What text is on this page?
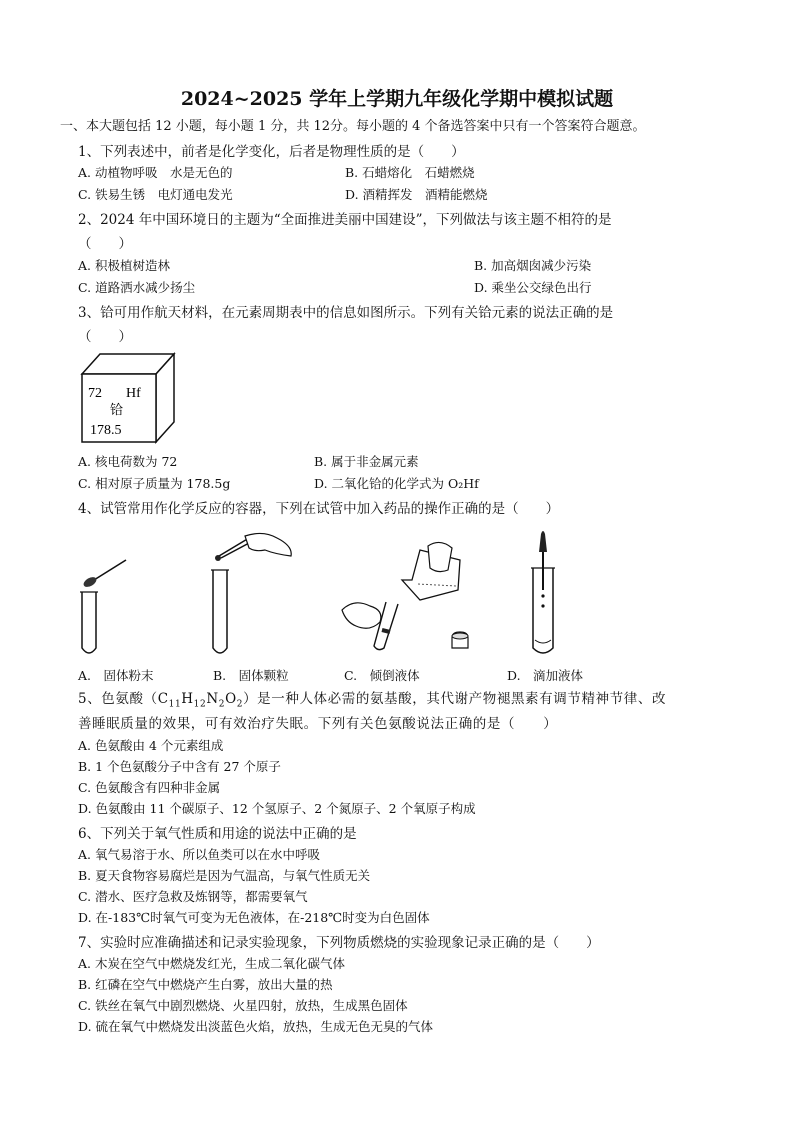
2024~2025 学年上学期九年级化学期中模拟试题
一、本大题包括 12 小题，每小题 1 分，共 12分。每小题的 4 个备选答案中只有一个答案符合题意。
1、下列表述中，前者是化学变化，后者是物理性质的是（　　）
A. 动植物呼吸　水是无色的	B. 石蜡熔化　石蜡燃烧
C. 铁易生锈　电灯通电发光	D. 酒精挥发　酒精能燃烧
2、2024 年中国环境日的主题为“全面推进美丽中国建设”，下列做法与该主题不相符的是
（　　）
A. 积极植树造林	B. 加高烟囱减少污染
C. 道路洒水减少扬尘	D. 乘坐公交绿色出行
3、铪可用作航天材料，在元素周期表中的信息如图所示。下列有关铪元素的说法正确的是
（　　）
72 Hf
铪
178.5
A. 核电荷数为 72	B. 属于非金属元素
C. 相对原子质量为 178.5g	D. 二氧化铪的化学式为 O₂Hf
4、试管常用作化学反应的容器，下列在试管中加入药品的操作正确的是（　　）
A.　固体粉末	B.　固体颗粒	C.　倾倒液体	D.　滴加液体
5、色氨酸$(C_{11}H_{12}N_2O_2)$是一种人体必需的氨基酸，其代谢产物褪黑素有调节精神节律、改
善睡眠质量的效果，可有效治疗失眠。下列有关色氨酸说法正确的是（　　）
A. 色氨酸由 4 个元素组成
B. 1 个色氨酸分子中含有 27 个原子
C. 色氨酸含有四种非金属
D. 色氨酸由 11 个碳原子、12 个氢原子、2 个氮原子、2 个氧原子构成
6、下列关于氧气性质和用途的说法中正确的是
A. 氧气易溶于水、所以鱼类可以在水中呼吸
B. 夏天食物容易腐烂是因为气温高，与氧气性质无关
C. 潜水、医疗急救及炼钢等，都需要氧气
D. 在-183℃时氧气可变为无色液体，在-218℃时变为白色固体
7、实验时应准确描述和记录实验现象，下列物质燃烧的实验现象记录正确的是（　　）
A. 木炭在空气中燃烧发红光，生成二氧化碳气体
B. 红磷在空气中燃烧产生白雾，放出大量的热
C. 铁丝在氧气中剧烈燃烧、火星四射，放热，生成黑色固体
D. 硫在氧气中燃烧发出淡蓝色火焰，放热，生成无色无臭的气体
